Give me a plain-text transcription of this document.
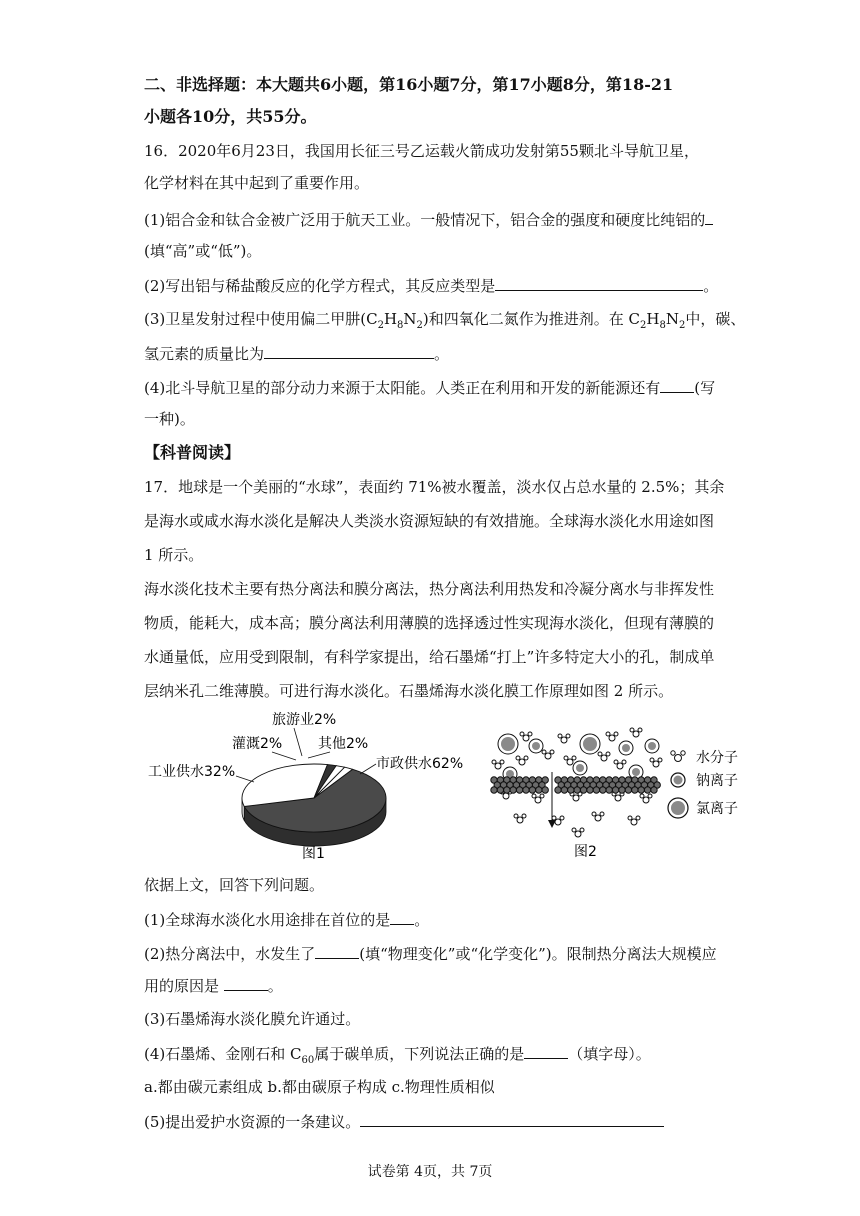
二、非选择题：本大题共6小题，第16小题7分，第17小题8分，第18-21
小题各10分，共55分。
16．2020年6月23日，我国用长征三号乙运载火箭成功发射第55颗北斗导航卫星，
化学材料在其中起到了重要作用。
(1)铝合金和钛合金被广泛用于航天工业。一般情况下，铝合金的强度和硬度比纯铝的
(填“高”或“低”)。
(2)写出铝与稀盐酸反应的化学方程式，其反应类型是	。
(3)卫星发射过程中使用偏二甲肼$(C_2H_8N_2)$和四氧化二氮作为推进剂。在 $C_2H_8N_2$中，碳、
氢元素的质量比为	。
(4)北斗导航卫星的部分动力来源于太阳能。人类正在利用和开发的新能源还有 (写
一种)。
【科普阅读】
17．地球是一个美丽的“水球”，表面约 71%被水覆盖，淡水仅占总水量的 2.5%；其余
是海水或咸水海水淡化是解决人类淡水资源短缺的有效措施。全球海水淡化水用途如图
1 所示。
海水淡化技术主要有热分离法和膜分离法，热分离法利用热发和冷凝分离水与非挥发性
物质，能耗大，成本高；膜分离法利用薄膜的选择透过性实现海水淡化，但现有薄膜的
水通量低，应用受到限制，有科学家提出，给石墨烯“打上”许多特定大小的孔，制成单
层纳米孔二维薄膜。可进行海水淡化。石墨烯海水淡化膜工作原理如图 2 所示。
旅游业2%
灌溉2%	其他2%
工业供水32%	市政供水62%
图1
水分子
钠离子
氯离子
图2
依据上文，回答下列问题。
(1)全球海水淡化水用途排在首位的是 。
(2)热分离法中，水发生了	(填“物理变化”或“化学变化”)。限制热分离法大规模应
用的原因是	。
(3)石墨烯海水淡化膜允许通过。
(4)石墨烯、金刚石和 $C_{60}$属于碳单质，下列说法正确的是	（填字母）。
a.都由碳元素组成 b.都由碳原子构成 c.物理性质相似
(5)提出爱护水资源的一条建议。
试卷第 4页，共 7页
